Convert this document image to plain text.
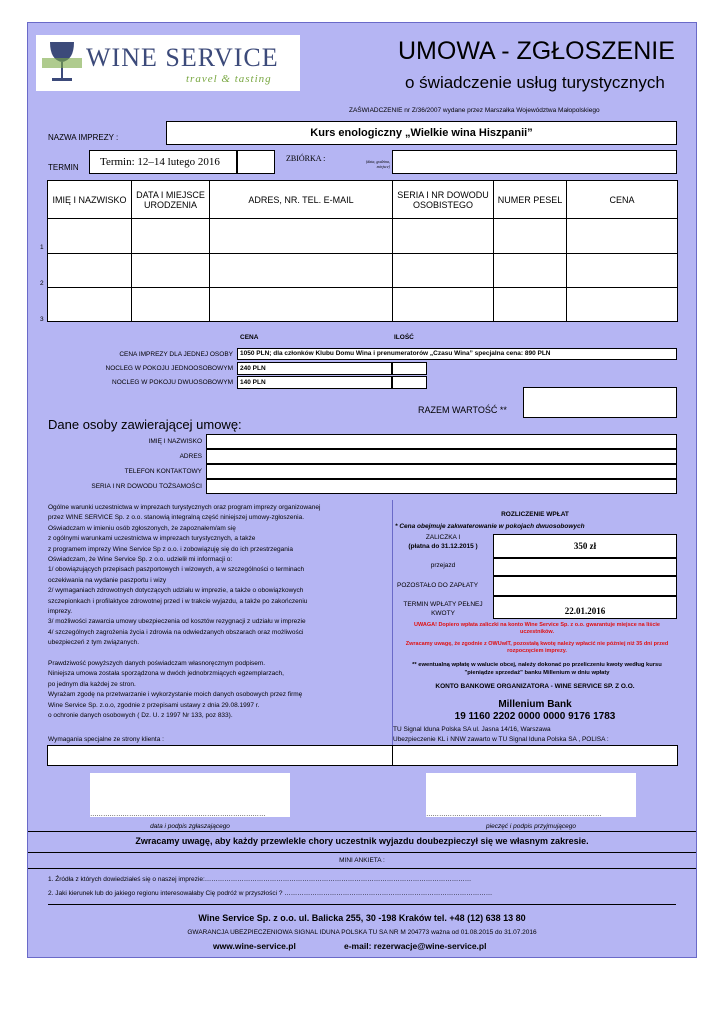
WINE SERVICE
travel & tasting
UMOWA - ZGŁOSZENIE
o świadczenie usług turystycznych
ZAŚWIADCZENIE nr Z/36/2007 wydane przez Marszałka Województwa Małopolskiego
NAZWA IMPREZY :	Kurs enologiczny „Wielkie wina Hiszpanii”
TERMIN	Termin: 12–14 lutego 2016	ZBIÓRKA :	(data, godzina, miejsce)
IMIĘ I NAZWISKO	DATA I MIEJSCE URODZENIA	ADRES, NR. TEL. E-MAIL	SERIA I NR DOWODU OSOBISTEGO	NUMER PESEL	CENA

1
2
3
CENA	ILOŚĆ
CENA IMPREZY DLA JEDNEJ OSOBY	1050 PLN; dla członków Klubu Domu Wina i prenumeratorów „Czasu Wina” specjalna cena: 890 PLN
NOCLEG W POKOJU JEDNOOSOBOWYM	240 PLN
NOCLEG W POKOJU DWUOSOBOWYM	140 PLN
RAZEM WARTOŚĆ **
Dane osoby zawierającej umowę:
IMIĘ I NAZWISKO
ADRES
TELEFON KONTAKTOWY
SERIA I NR DOWODU TOŻSAMOŚCI
Ogólne warunki uczestnictwa w imprezach turystycznych oraz program imprezy organizowanej
przez WINE SERVICE Sp. z o.o. stanowią integralną część niniejszej umowy-zgłoszenia.
Oświadczam w imieniu osób zgłoszonych, że zapoznałem/am się
z ogólnymi warunkami uczestnictwa w imprezach turystycznych, a także
z programem imprezy Wine Service Sp z o.o. i zobowiązuję się do ich przestrzegania
Oświadczam, że Wine Service Sp. z o.o. udzielił mi informacji o:
1/ obowiązujących przepisach paszportowych i wizowych, a w szczególności o terminach
oczekiwania na wydanie paszportu i wizy
2/ wymaganiach zdrowotnych dotyczących udziału w imprezie, a także o obowiązkowych
szczepionkach i profilaktyce zdrowotnej przed i w trakcie wyjazdu, a także po zakończeniu
imprezy.
3/ możliwości zawarcia umowy ubezpieczenia od kosztów rezygnacji z udziału w imprezie
4/ szczególnych zagrożenia życia i zdrowia na odwiedzanych obszarach oraz możliwości
ubezpieczeń z tym związanych.
Prawdziwość powyższych danych poświadczam własnoręcznym podpisem.
Niniejsza umowa została sporządzona w dwóch jednobrzmiących egzemplarzach,
po jednym dla każdej ze stron.
Wyrażam zgodę na przetwarzanie i wykorzystanie moich danych osobowych przez firmę
Wine Service Sp. z.o.o, zgodnie z przepisami ustawy z dnia 29.08.1997 r.
o ochronie danych osobowych ( Dz. U. z 1997 Nr 133, poz 833).
Wymagania specjalne ze strony klienta :
ROZLICZENIE WPŁAT
* Cena obejmuje zakwaterowanie w pokojach dwuosobowych
ZALICZKA I
(płatna do 31.12.2015 )	350 zł
przejazd
POZOSTAŁO DO ZAPŁATY
TERMIN WPŁATY PEŁNEJ
KWOTY	22.01.2016
UWAGA! Dopiero wpłata zaliczki na konto Wine Service Sp. z o.o. gwarantuje miejsce na liście uczestników.
Zwracamy uwagę, że zgodnie z OWUwIT, pozostałą kwotę należy wpłacić nie później niż 35 dni przed rozpoczęciem imprezy.
** ewentualną wpłatę w walucie obcej, należy dokonać po przeliczeniu kwoty według kursu "pieniądze sprzedaż" banku Millenium w dniu wpłaty
KONTO BANKOWE ORGANIZATORA - WINE SERVICE SP. Z O.O.
Millenium Bank
19 1160 2202 0000 0000 9176 1783
TU Signal Iduna Polska SA ul. Jasna 14/16, Warszawa
Ubezpieczenie KL i NNW zawarto w TU Signal Iduna Polska SA , POLISA :
………………………………………………………………………
data i podpis zgłaszającego
………………………………………………………………………
pieczęć i podpis przyjmującego
Zwracamy uwagę, aby każdy przewlekle chory uczestnik wyjazdu doubezpieczył się we własnym zakresie.
MINI ANKIETA :
1. Źródła z których dowiedziałeś się o naszej imprezie:……………………………………………………………………………………………………………
2. Jaki kierunek lub do jakiego regionu interesowałaby Cię podróż w przyszłości ? ……………………………………………………………………………………
Wine Service Sp. z o.o. ul. Balicka 255, 30 -198 Kraków tel. +48 (12) 638 13 80
GWARANCJA UBEZPIECZENIOWA SIGNAL IDUNA POLSKA TU SA NR M 204773 ważna od 01.08.2015 do 31.07.2016
www.wine-service.pl	e-mail: rezerwacje@wine-service.pl
